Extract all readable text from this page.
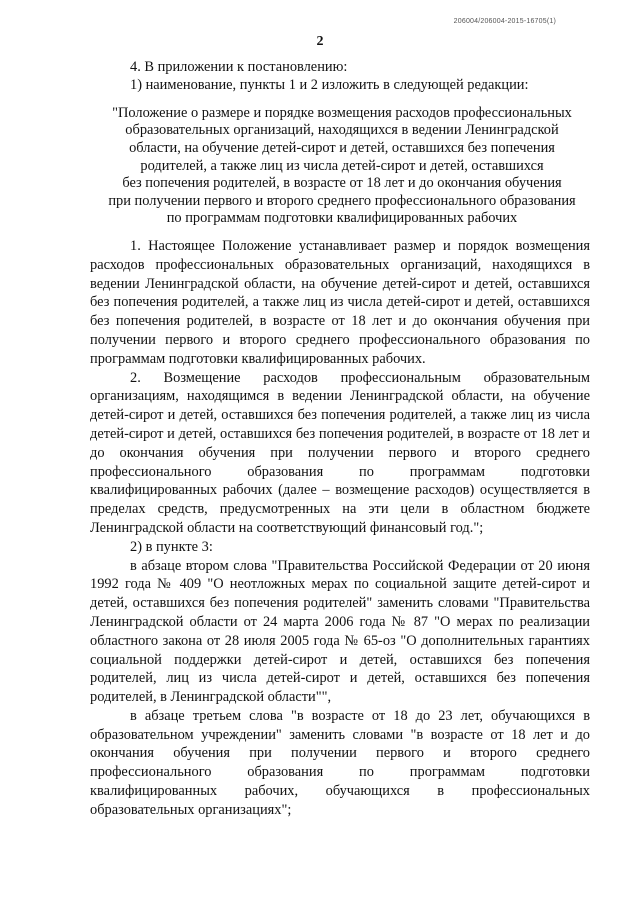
206004/206004-2015-16705(1)
2

4. В приложении к постановлению:

1) наименование, пункты 1 и 2 изложить в следующей редакции:

"Положение о размере и порядке возмещения расходов профессиональных
образовательных организаций, находящихся в ведении Ленинградской
области, на обучение детей-сирот и детей, оставшихся без попечения
родителей, а также лиц из числа детей-сирот и детей, оставшихся
без попечения родителей, в возрасте от 18 лет и до окончания обучения
при получении первого и второго среднего профессионального образования
по программам подготовки квалифицированных рабочих

1. Настоящее Положение устанавливает размер и порядок возмещения расходов профессиональных образовательных организаций, находящихся в ведении Ленинградской области, на обучение детей-сирот и детей, оставшихся без попечения родителей, а также лиц из числа детей-сирот и детей, оставшихся без попечения родителей, в возрасте от 18 лет и до окончания обучения при получении первого и второго среднего профессионального образования по программам подготовки квалифицированных рабочих.

2. Возмещение расходов профессиональным образовательным организациям, находящимся в ведении Ленинградской области, на обучение детей-сирот и детей, оставшихся без попечения родителей, а также лиц из числа детей-сирот и детей, оставшихся без попечения родителей, в возрасте от 18 лет и до окончания обучения при получении первого и второго среднего профессионального образования по программам подготовки квалифицированных рабочих (далее – возмещение расходов) осуществляется в пределах средств, предусмотренных на эти цели в областном бюджете Ленинградской области на соответствующий финансовый год.";

2) в пункте 3:

в абзаце втором слова "Правительства Российской Федерации от 20 июня 1992 года № 409 "О неотложных мерах по социальной защите детей-сирот и детей, оставшихся без попечения родителей" заменить словами "Правительства Ленинградской области от 24 марта 2006 года № 87 "О мерах по реализации областного закона от 28 июля 2005 года № 65-оз "О дополнительных гарантиях социальной поддержки детей-сирот и детей, оставшихся без попечения родителей, лиц из числа детей-сирот и детей, оставшихся без попечения родителей, в Ленинградской области"",

в абзаце третьем слова "в возрасте от 18 до 23 лет, обучающихся в образовательном учреждении" заменить словами "в возрасте от 18 лет и до окончания обучения при получении первого и второго среднего профессионального образования по программам подготовки квалифицированных рабочих, обучающихся в профессиональных образовательных организациях";
